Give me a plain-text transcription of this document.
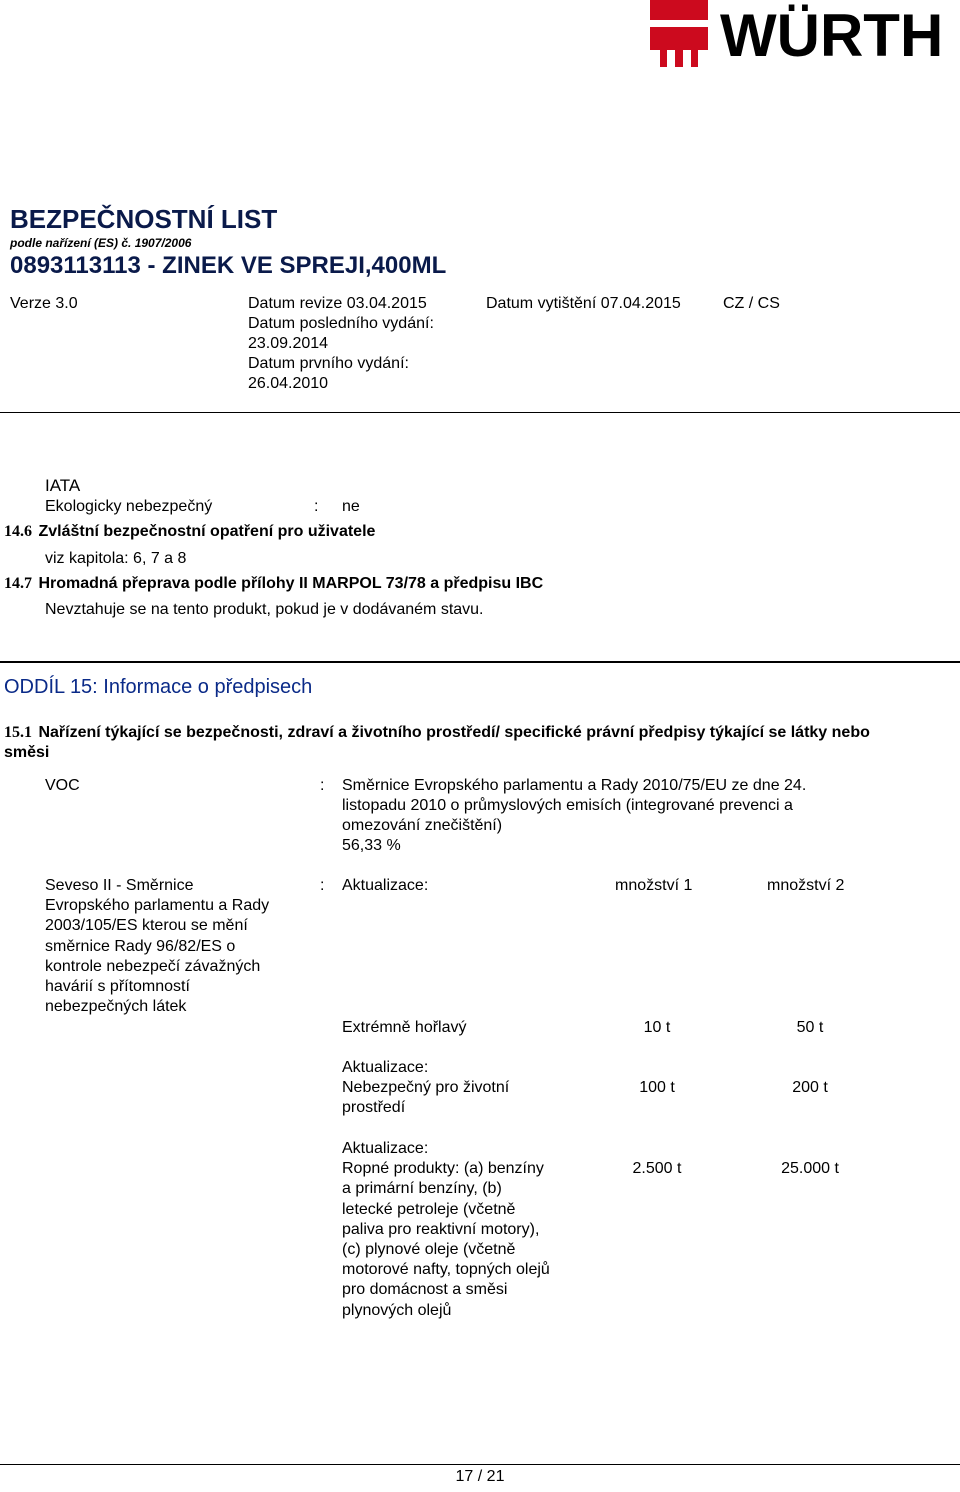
WÜRTH
BEZPEČNOSTNÍ LIST
podle nařízení (ES) č. 1907/2006
0893113113 - ZINEK VE SPREJI,400ML
Verze 3.0	Datum revize 03.04.2015
Datum posledního vydání:
23.09.2014
Datum prvního vydání:
26.04.2010
Datum vytištění 07.04.2015	CZ / CS
IATA
Ekologicky nebezpečný	: ne
14.6 Zvláštní bezpečnostní opatření pro uživatele
viz kapitola: 6, 7 a 8
14.7 Hromadná přeprava podle přílohy II MARPOL 73/78 a předpisu IBC
Nevztahuje se na tento produkt, pokud je v dodávaném stavu.
ODDÍL 15: Informace o předpisech
15.1 Nařízení týkající se bezpečnosti, zdraví a životního prostředí/ specifické právní předpisy týkající se látky nebo
směsi
VOC	: Směrnice Evropského parlamentu a Rady 2010/75/EU ze dne 24.
listopadu 2010 o průmyslových emisích (integrované prevenci a
omezování znečištění)
56,33 %
Seveso II - Směrnice
Evropského parlamentu a Rady
2003/105/ES kterou se mění
směrnice Rady 96/82/ES o
kontrole nebezpečí závažných
havárií s přítomností
nebezpečných látek
: Aktualizace:	množství 1	množství 2
Extrémně hořlavý	10 t	50 t
Aktualizace:
Nebezpečný pro životní
prostředí
100 t	200 t
Aktualizace:
Ropné produkty: (a) benzíny
a primární benzíny, (b)
letecké petroleje (včetně
paliva pro reaktivní motory),
(c) plynové oleje (včetně
motorové nafty, topných olejů
pro domácnost a směsi
plynových olejů
2.500 t	25.000 t
17 / 21
